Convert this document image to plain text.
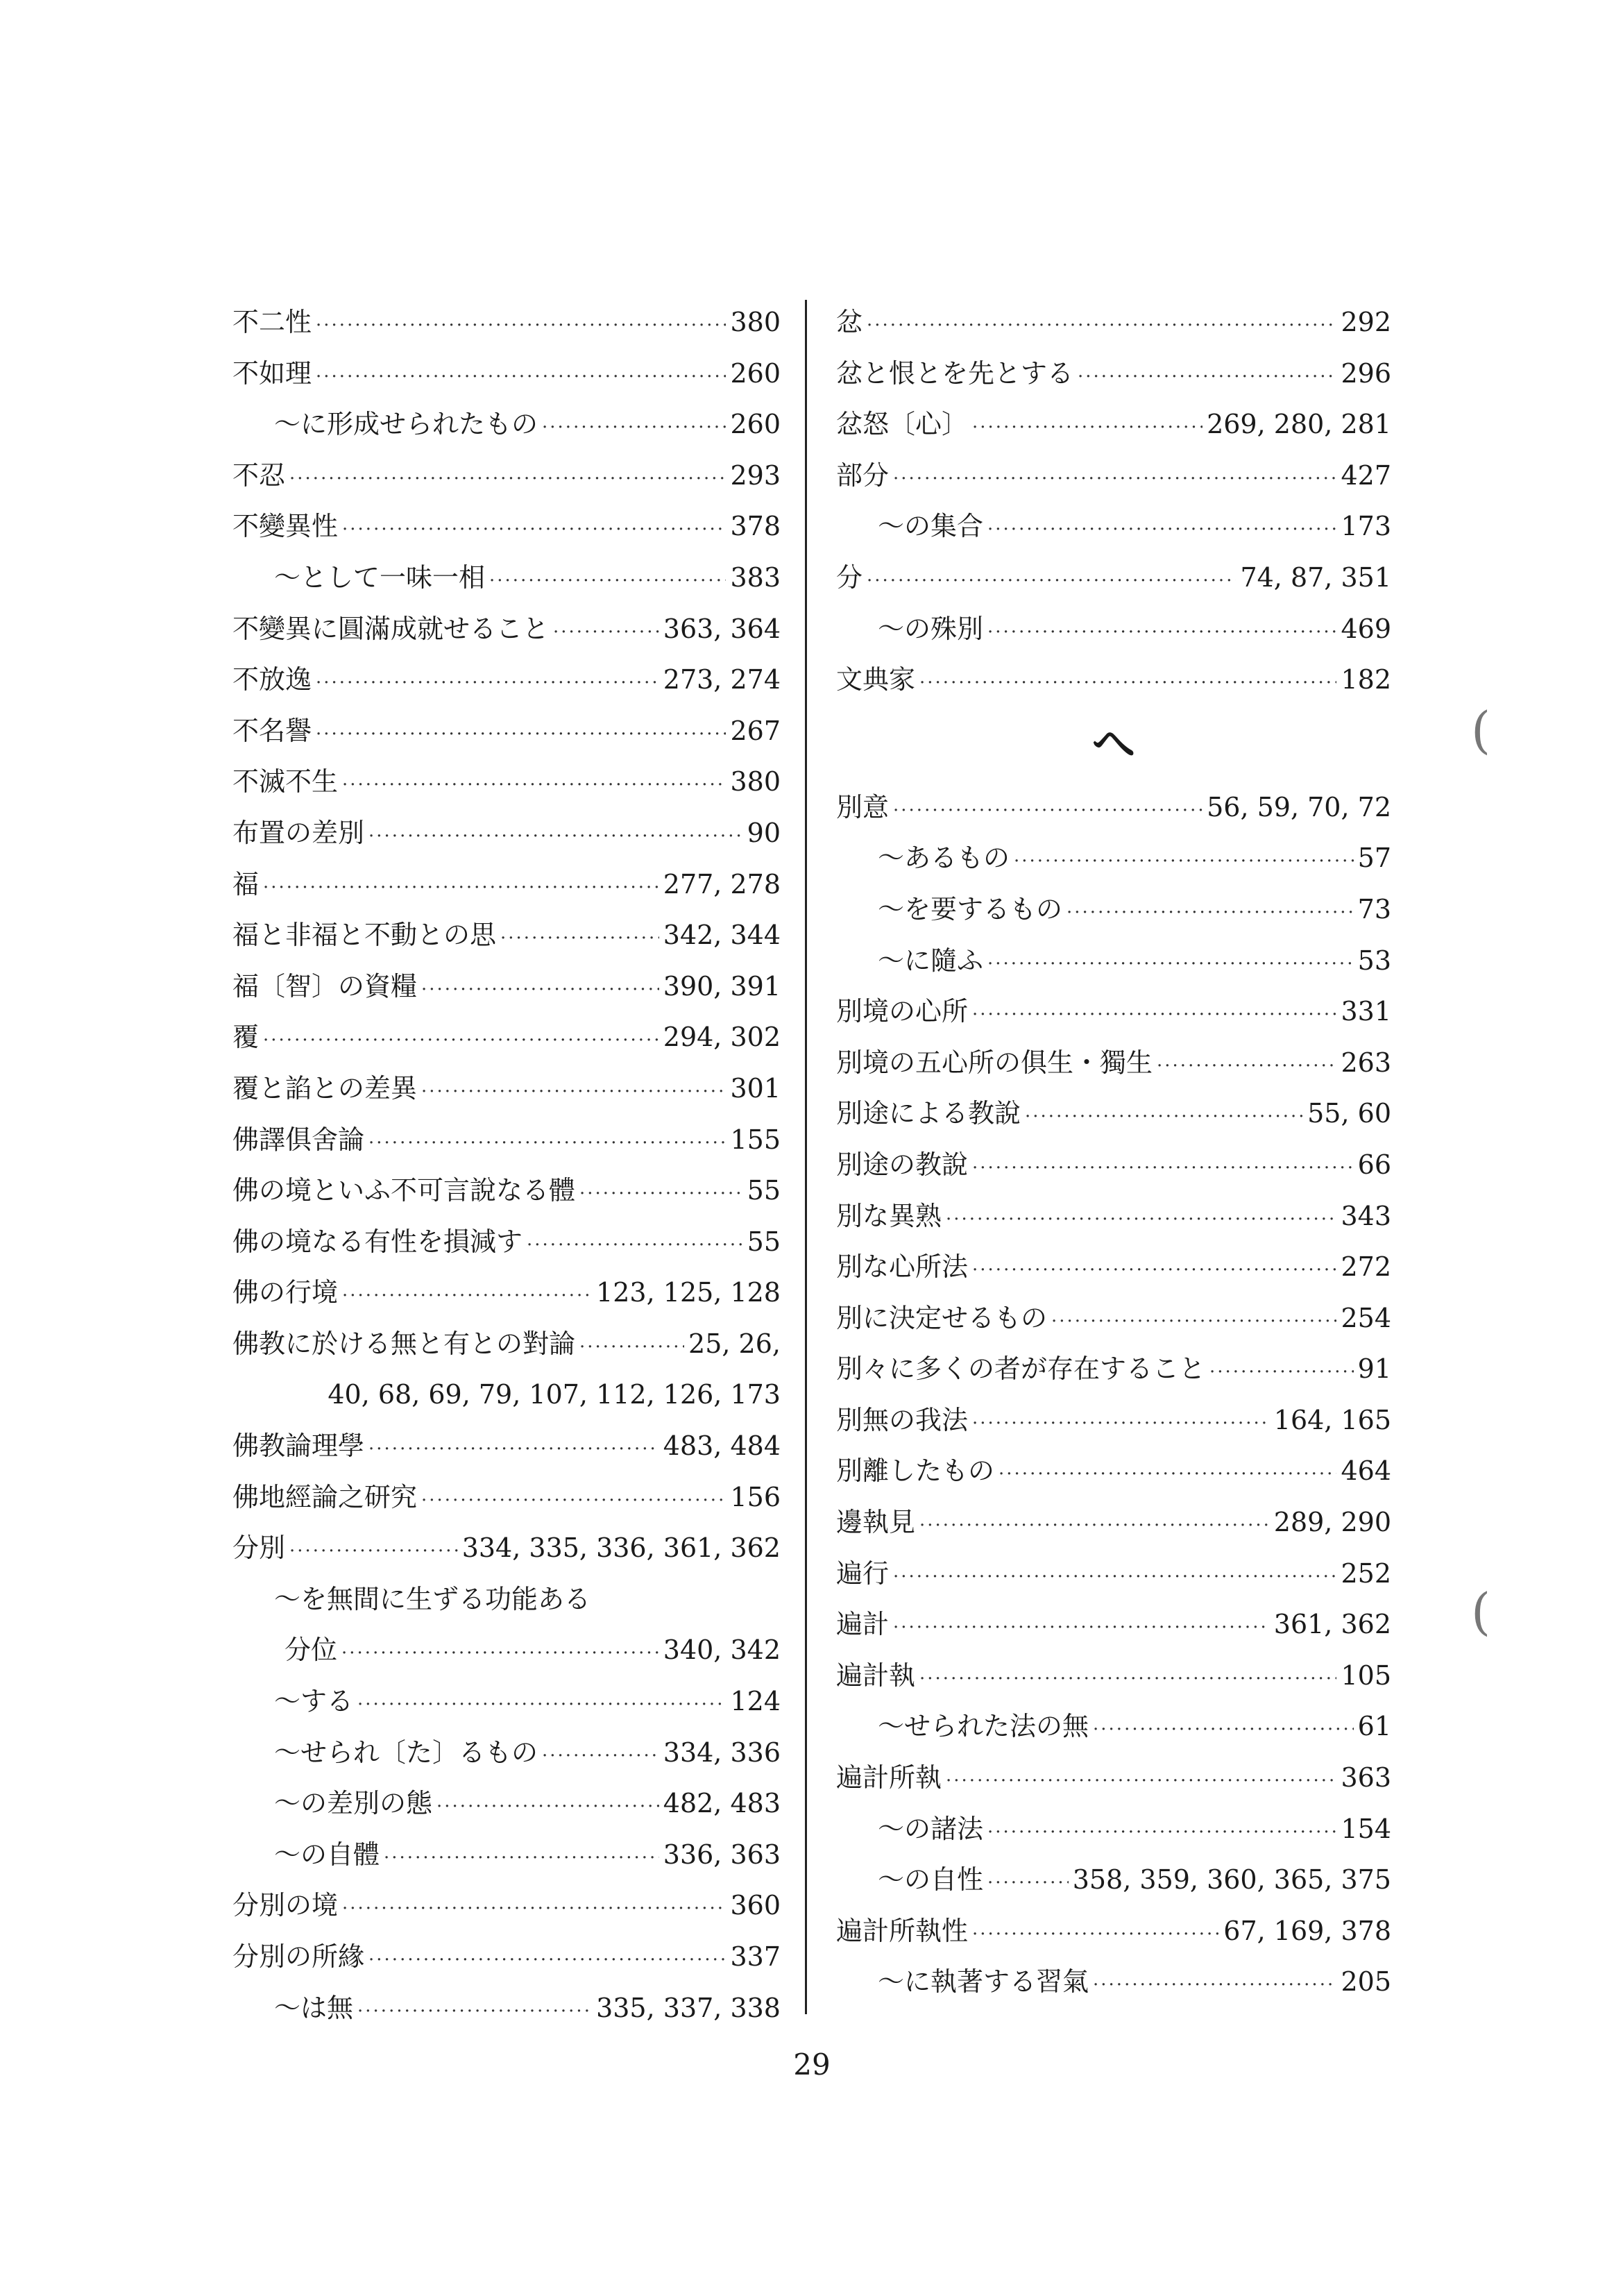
不二性 ·····	380
不如理 ·····	260
〜に形成せられたもの ·····	260
不忍 ·····	293
不變異性 ·····	378
〜として一味一相 ·····	383
不變異に圓滿成就せること ·····	363, 364
不放逸 ·····	273, 274
不名譽 ·····	267
不滅不生 ·····	380
布置の差別 ·····	90
福 ·····	277, 278
福と非福と不動との思 ·····	342, 344
福〔智〕の資糧 ·····	390, 391
覆 ·····	294, 302
覆と諂との差異 ·····	301
佛譯俱舍論 ·····	155
佛の境といふ不可言說なる體 ·····	55
佛の境なる有性を損減す ·····	55
佛の行境 ·····	123, 125, 128
佛教に於ける無と有との對論 ·····	25, 26,
40, 68, 69, 79, 107, 112, 126, 173
佛教論理學 ·····	483, 484
佛地經論之研究 ·····	156
分別 ·····	334, 335, 336, 361, 362
〜を無間に生ずる功能ある
分位 ·····	340, 342
〜する ·····	124
〜せられ〔た〕るもの ·····	334, 336
〜の差別の態 ·····	482, 483
〜の自體 ·····	336, 363
分別の境 ·····	360
分別の所緣 ·····	337
〜は無 ·····	335, 337, 338
忿 ·····	292
忿と恨とを先とする ·····	296
忿怒〔心〕 ·····	269, 280, 281
部分 ·····	427
〜の集合 ·····	173
分 ·····	74, 87, 351
〜の殊別 ·····	469
文典家 ·····	182
へ
別意 ·····	56, 59, 70, 72
〜あるもの ·····	57
〜を要するもの ·····	73
〜に隨ふ ·····	53
別境の心所 ·····	331
別境の五心所の俱生・獨生 ·····	263
別途による教說 ·····	55, 60
別途の教說 ·····	66
別な異熟 ·····	343
別な心所法 ·····	272
別に決定せるもの ·····	254
別々に多くの者が存在すること ·····	91
別無の我法 ·····	164, 165
別離したもの ·····	464
邊執見 ·····	289, 290
遍行 ·····	252
遍計 ·····	361, 362
遍計執 ·····	105
〜せられた法の無 ·····	61
遍計所執 ·····	363
〜の諸法 ·····	154
〜の自性 ·····	358, 359, 360, 365, 375
遍計所執性 ·····	67, 169, 378
〜に執著する習氣 ·····	205
29
(
(
